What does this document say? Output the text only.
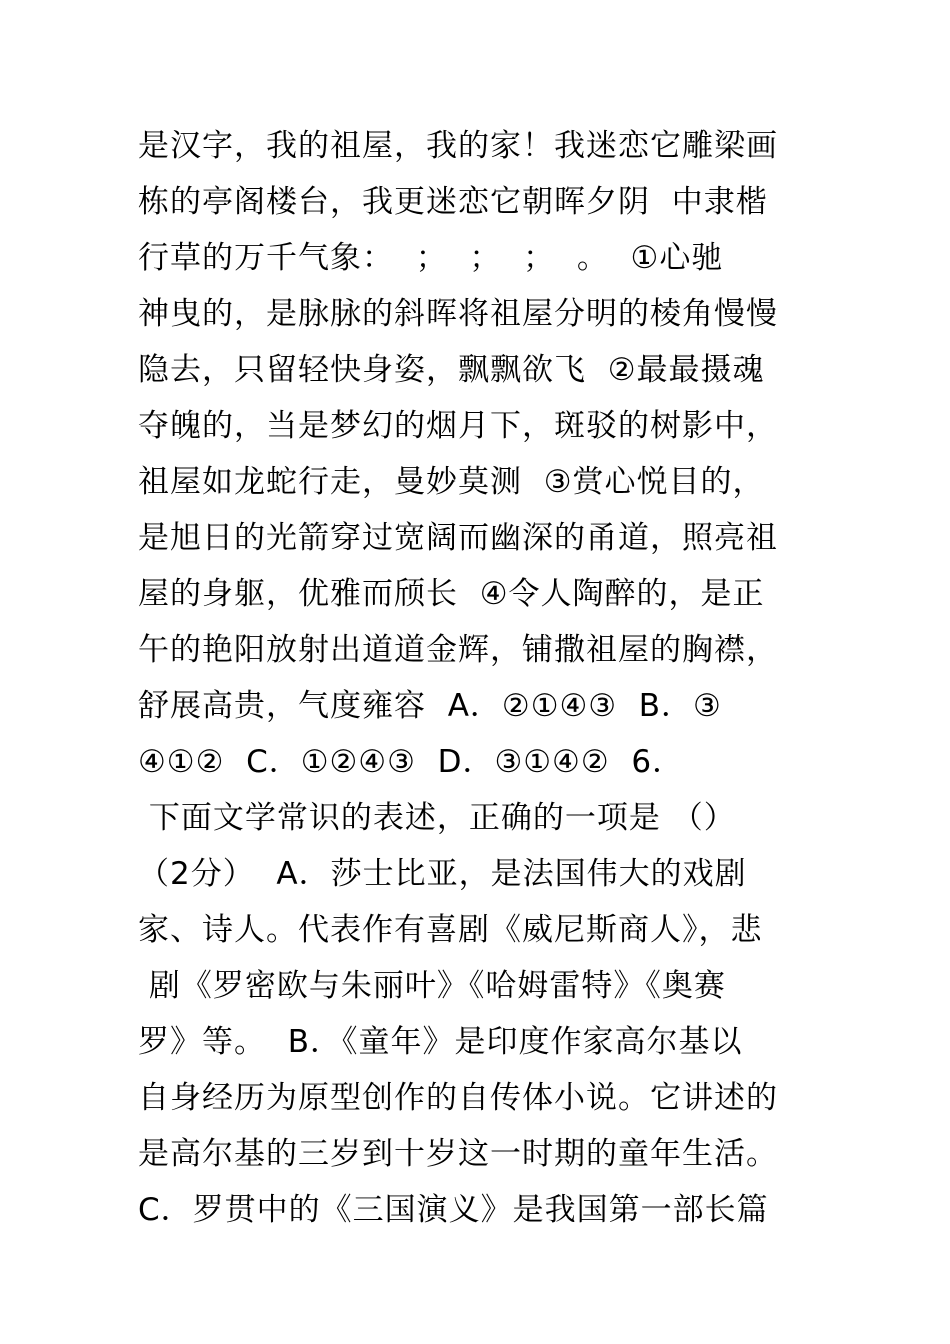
是汉字，我的祖屋，我的家！我迷恋它雕梁画
栋的亭阁楼台，我更迷恋它朝晖夕阴  中隶楷
行草的万千气象：  ；  ；  ；  。  ①心驰
神曳的，是脉脉的斜晖将祖屋分明的棱角慢慢
隐去，只留轻快身姿，飘飘欲飞  ②最最摄魂
夺魄的，当是梦幻的烟月下，斑驳的树影中，
祖屋如龙蛇行走，曼妙莫测  ③赏心悦目的，
是旭日的光箭穿过宽阔而幽深的甬道，照亮祖
屋的身躯，优雅而颀长  ④令人陶醉的，是正
午的艳阳放射出道道金辉，铺撒祖屋的胸襟，
舒展高贵，气度雍容  A．②①④③  B．③
④①②  C．①②④③  D．③①④②  6．
下面文学常识的表述，正确的一项是 （）
（2分）  A．莎士比亚，是法国伟大的戏剧
家、诗人。代表作有喜剧《威尼斯商人》，悲
剧《罗密欧与朱丽叶》《哈姆雷特》《奥赛
罗》等。  B．《童年》是印度作家高尔基以
自身经历为原型创作的自传体小说。它讲述的
是高尔基的三岁到十岁这一时期的童年生活。
C．罗贯中的《三国演义》是我国第一部长篇
